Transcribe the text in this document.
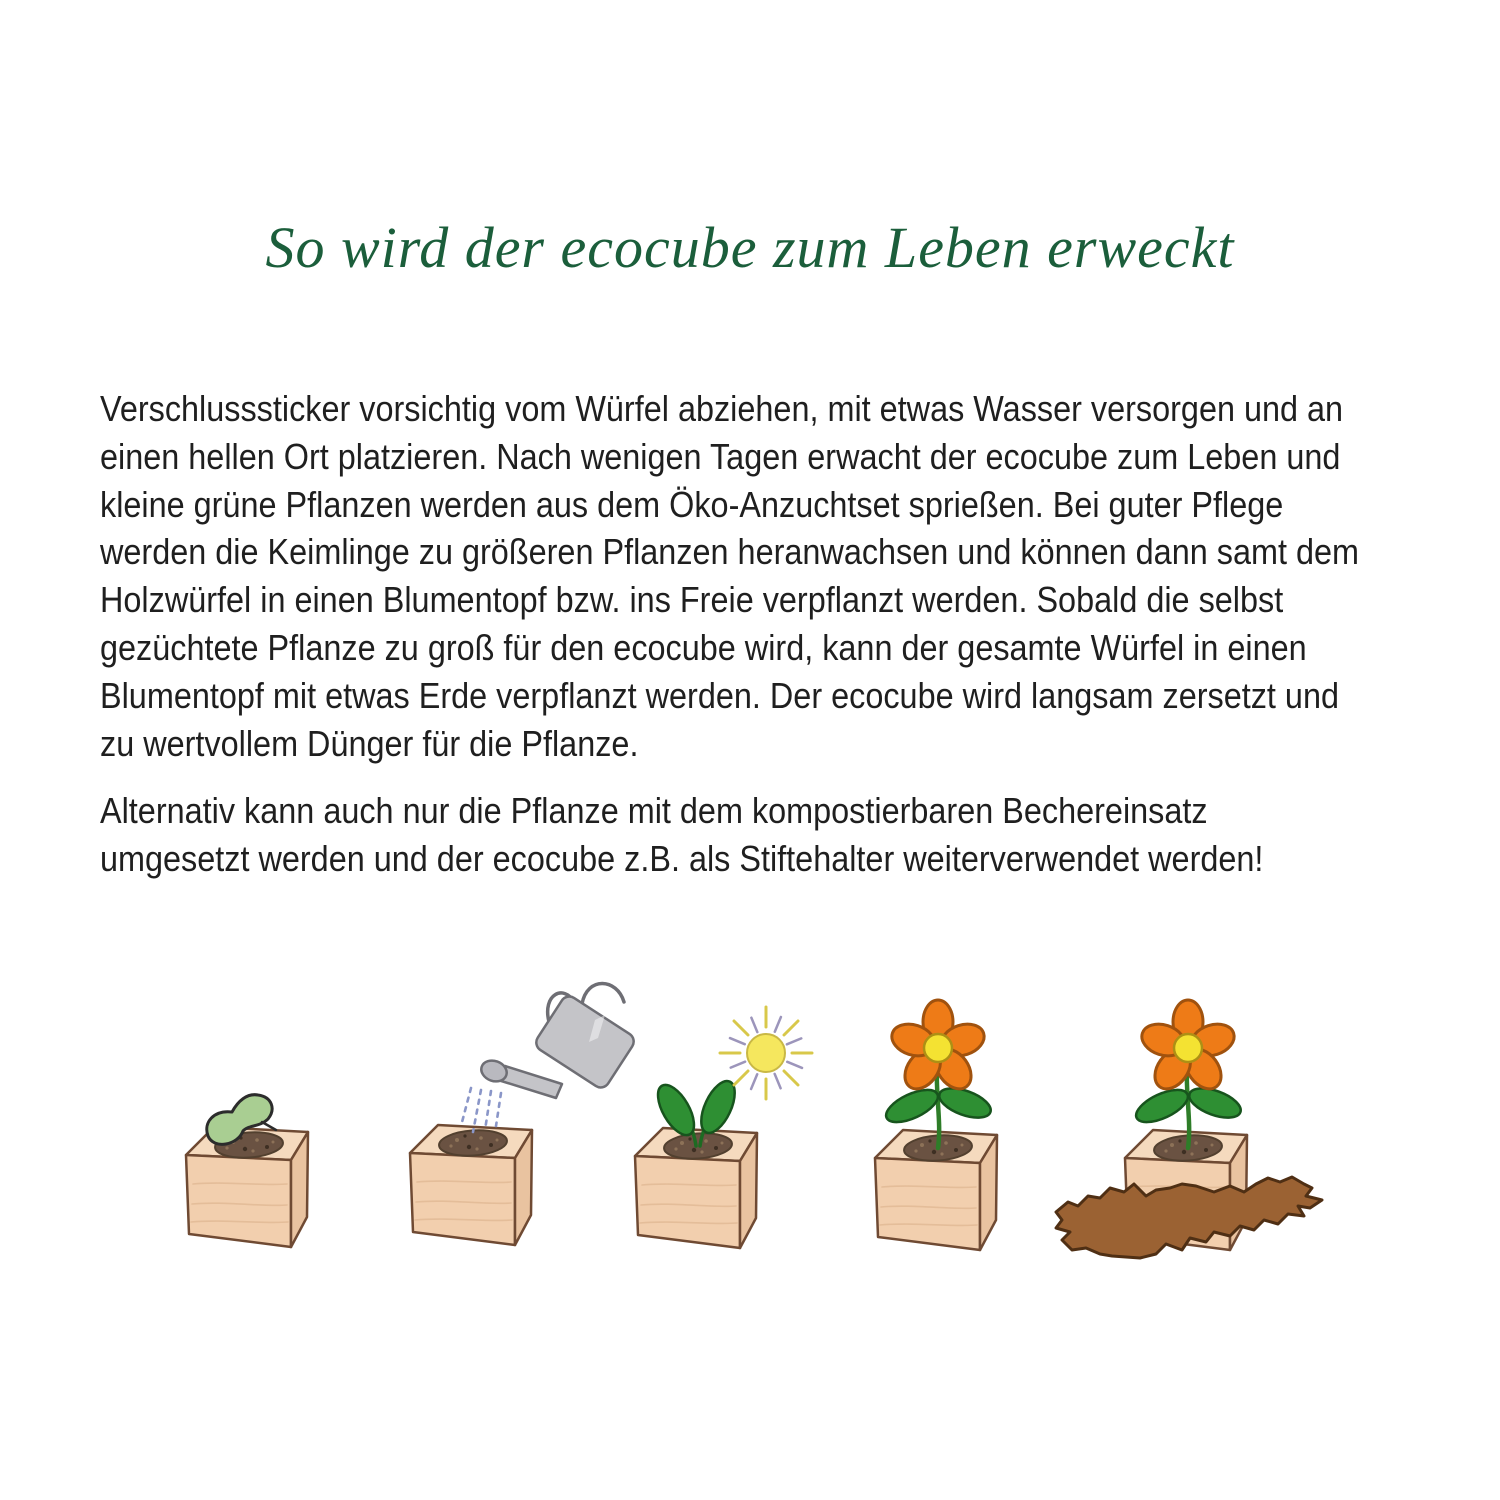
So wird der ecocube zum Leben erweckt
Verschlusssticker vorsichtig vom Würfel abziehen, mit etwas Wasser versorgen und an
einen hellen Ort platzieren. Nach wenigen Tagen erwacht der ecocube zum Leben und
kleine grüne Pflanzen werden aus dem Öko-Anzuchtset sprießen. Bei guter Pflege
werden die Keimlinge zu größeren Pflanzen heranwachsen und können dann samt dem
Holzwürfel in einen Blumentopf bzw. ins Freie verpflanzt werden. Sobald die selbst
gezüchtete Pflanze zu groß für den ecocube wird, kann der gesamte Würfel in einen
Blumentopf mit etwas Erde verpflanzt werden. Der ecocube wird langsam zersetzt und
zu wertvollem Dünger für die Pflanze.
Alternativ kann auch nur die Pflanze mit dem kompostierbaren Bechereinsatz
umgesetzt werden und der ecocube z.B. als Stiftehalter weiterverwendet werden!
